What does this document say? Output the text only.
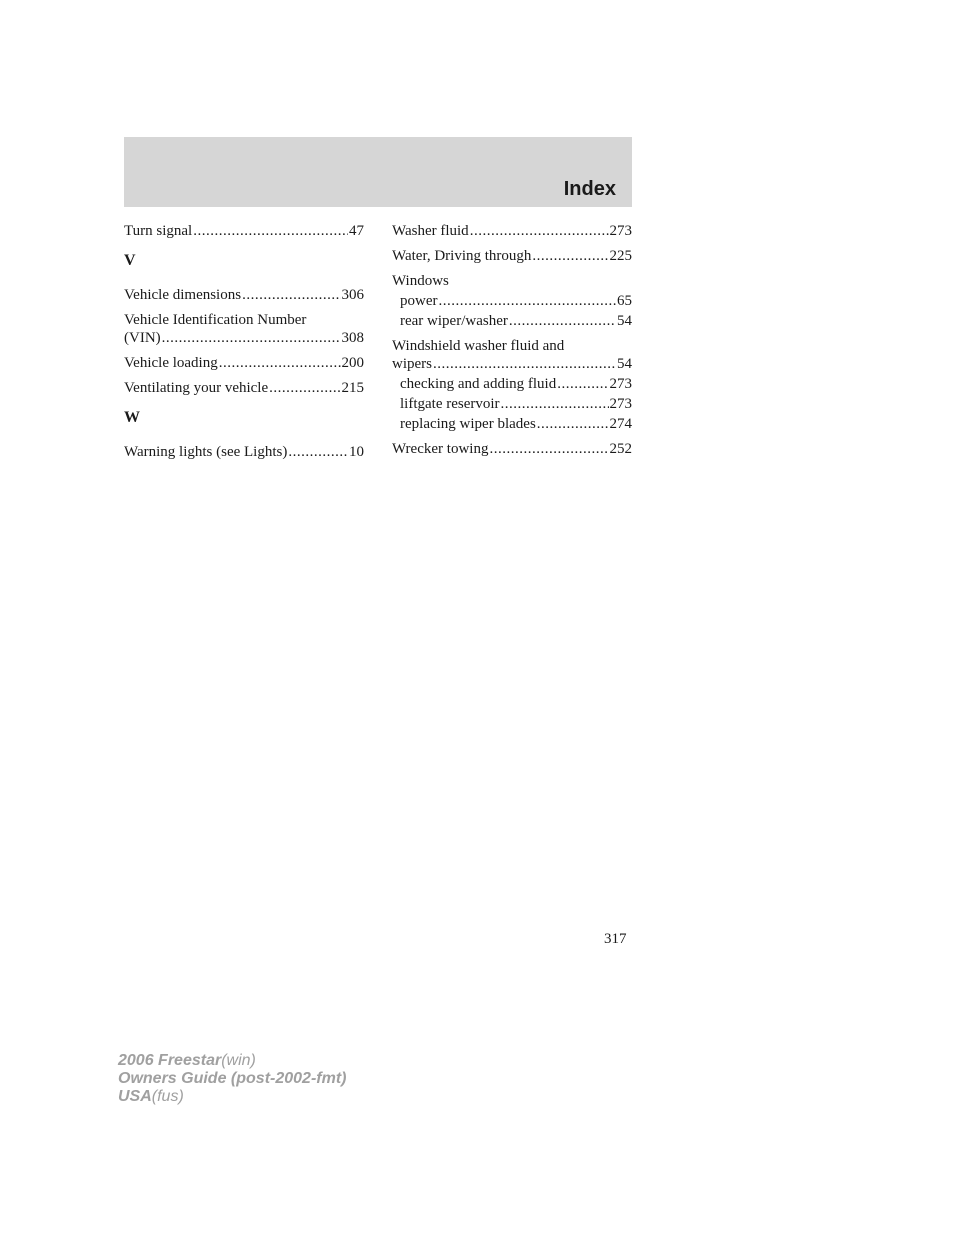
Index
Turn signal .....	47
V
Vehicle dimensions .....	306
Vehicle Identification Number
(VIN) .....	308
Vehicle loading .....	200
Ventilating your vehicle .....	215
W
Warning lights (see Lights) .....	10
Washer fluid .....	273
Water, Driving through .....	225
Windows
power .....	65
rear wiper/washer .....	54
Windshield washer fluid and
wipers .....	54
checking and adding fluid .....	273
liftgate reservoir .....	273
replacing wiper blades .....	274
Wrecker towing .....	252
317
2006 Freestar(win)
Owners Guide (post-2002-fmt)
USA(fus)
